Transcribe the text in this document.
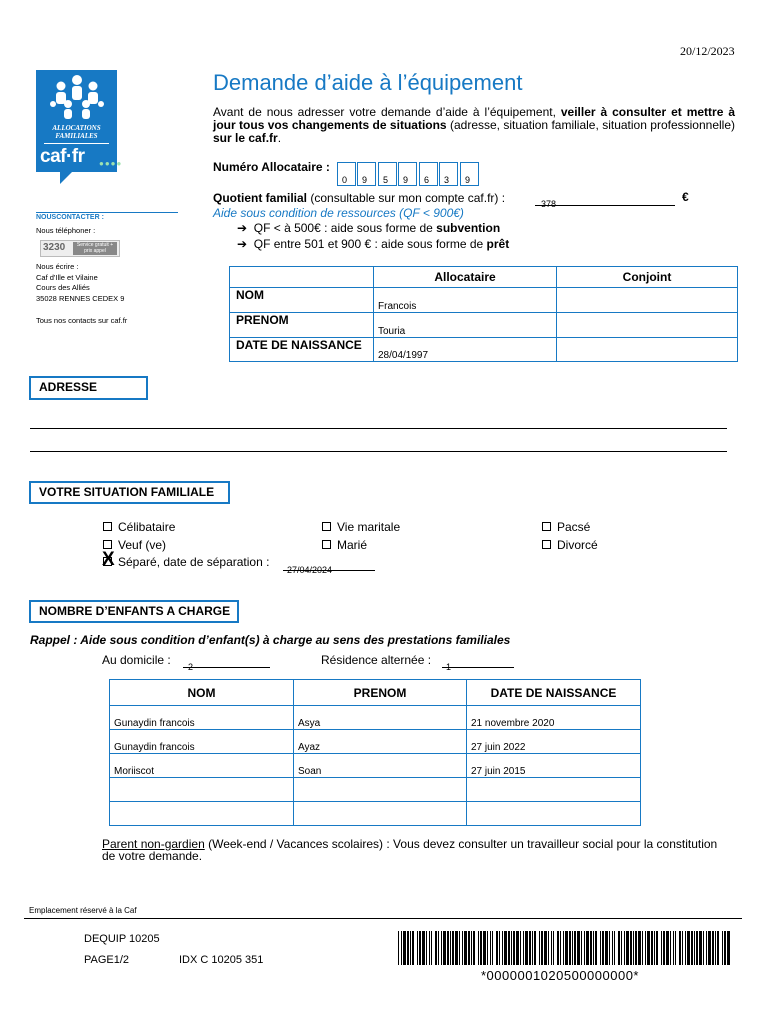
20/12/2023
ALLOCATIONS
FAMILIALES
caf·fr ●●●●
NOUSCONTACTER :
Nous téléphoner :
3230	Service gratuit + prix appel
Nous écrire :
Caf d'Ille et Vilaine
Cours des Alliés
35028 RENNES CEDEX 9
Tous nos contacts sur caf.fr
Demande d’aide à l’équipement
Avant de nous adresser votre demande d’aide à l’équipement, veiller à consulter et mettre à jour tous vos changements de situations (adresse, situation familiale, situation professionnelle) sur le caf.fr.
Numéro Allocataire :
0 9 5 9 6 3 9
Quotient familial (consultable sur mon compte caf.fr) :	378	€
Aide sous condition de ressources (QF < 900€)
➔ QF < à 500€ : aide sous forme de subvention
➔ QF entre 501 et 900 € : aide sous forme de prêt
	Allocataire	Conjoint
NOM	Francois	
PRENOM	Touria	
DATE DE NAISSANCE	28/04/1997	
ADRESSE
VOTRE SITUATION FAMILIALE
Célibataire	Vie maritale	Pacsé
Veuf (ve)	Marié	Divorcé
X Séparé, date de séparation :
27/04/2024
NOMBRE D’ENFANTS A CHARGE
Rappel : Aide sous condition d’enfant(s) à charge au sens des prestations familiales
Au domicile : 2	Résidence alternée : 1
NOM	PRENOM	DATE DE NAISSANCE
Gunaydin francois	Asya	21 novembre 2020
Gunaydin francois	Ayaz	27 juin 2022
Moriiscot	Soan	27 juin 2015

Parent non-gardien (Week-end / Vacances scolaires) : Vous devez consulter un travailleur social pour la constitution de votre demande.
Emplacement réservé à la Caf
DEQUIP 10205
PAGE1/2	IDX C 10205 351
*0000001020500000000*
